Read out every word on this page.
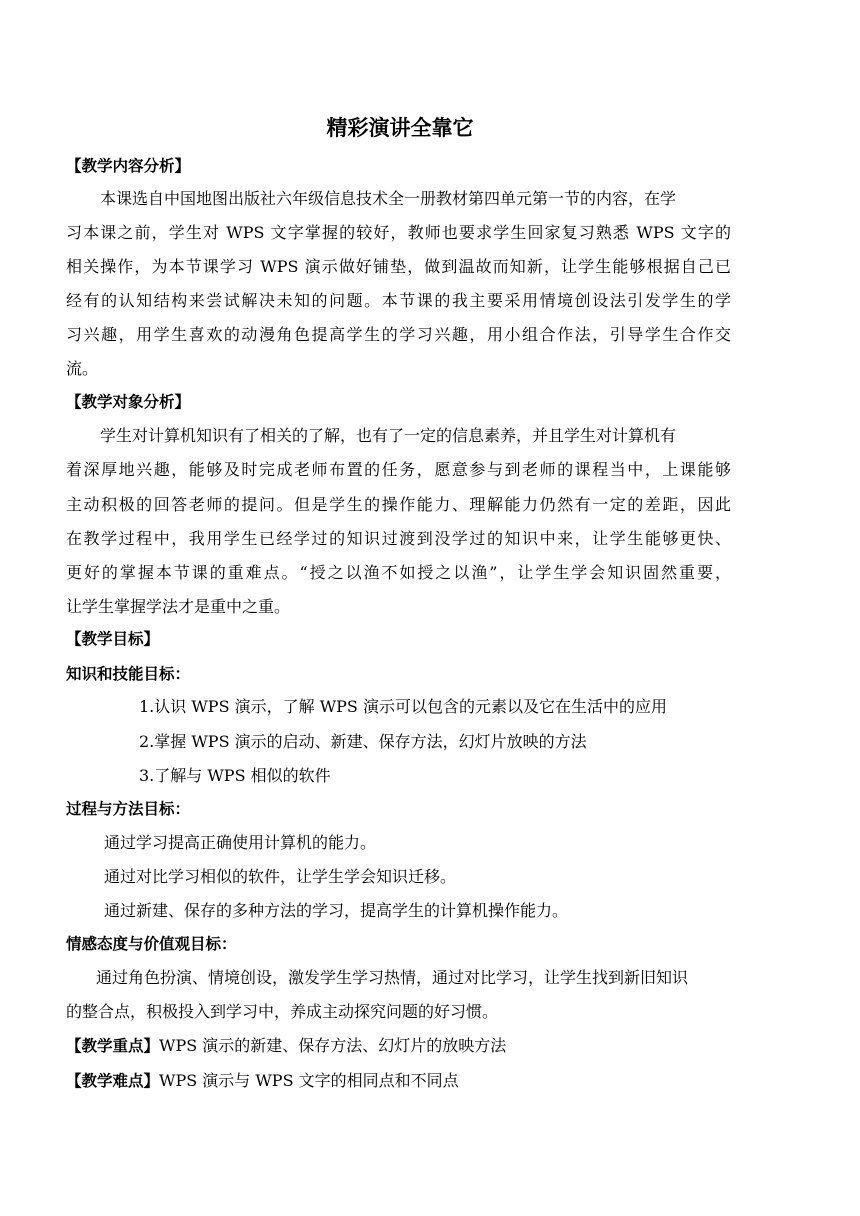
精彩演讲全靠它
【教学内容分析】
本课选自中国地图出版社六年级信息技术全一册教材第四单元第一节的内容，在学
习本课之前，学生对 WPS 文字掌握的较好，教师也要求学生回家复习熟悉 WPS 文字的
相关操作，为本节课学习 WPS 演示做好铺垫，做到温故而知新，让学生能够根据自己已
经有的认知结构来尝试解决未知的问题。本节课的我主要采用情境创设法引发学生的学
习兴趣，用学生喜欢的动漫角色提高学生的学习兴趣，用小组合作法，引导学生合作交
流。
【教学对象分析】
学生对计算机知识有了相关的了解，也有了一定的信息素养，并且学生对计算机有
着深厚地兴趣，能够及时完成老师布置的任务，愿意参与到老师的课程当中，上课能够
主动积极的回答老师的提问。但是学生的操作能力、理解能力仍然有一定的差距，因此
在教学过程中，我用学生已经学过的知识过渡到没学过的知识中来，让学生能够更快、
更好的掌握本节课的重难点。“授之以渔不如授之以渔”，让学生学会知识固然重要，
让学生掌握学法才是重中之重。
【教学目标】
知识和技能目标：
1.认识 WPS 演示，了解 WPS 演示可以包含的元素以及它在生活中的应用
2.掌握 WPS 演示的启动、新建、保存方法，幻灯片放映的方法
3.了解与 WPS 相似的软件
过程与方法目标：
通过学习提高正确使用计算机的能力。
通过对比学习相似的软件，让学生学会知识迁移。
通过新建、保存的多种方法的学习，提高学生的计算机操作能力。
情感态度与价值观目标：
通过角色扮演、情境创设，激发学生学习热情，通过对比学习，让学生找到新旧知识
的整合点，积极投入到学习中，养成主动探究问题的好习惯。
【教学重点】WPS 演示的新建、保存方法、幻灯片的放映方法
【教学难点】WPS 演示与 WPS 文字的相同点和不同点
